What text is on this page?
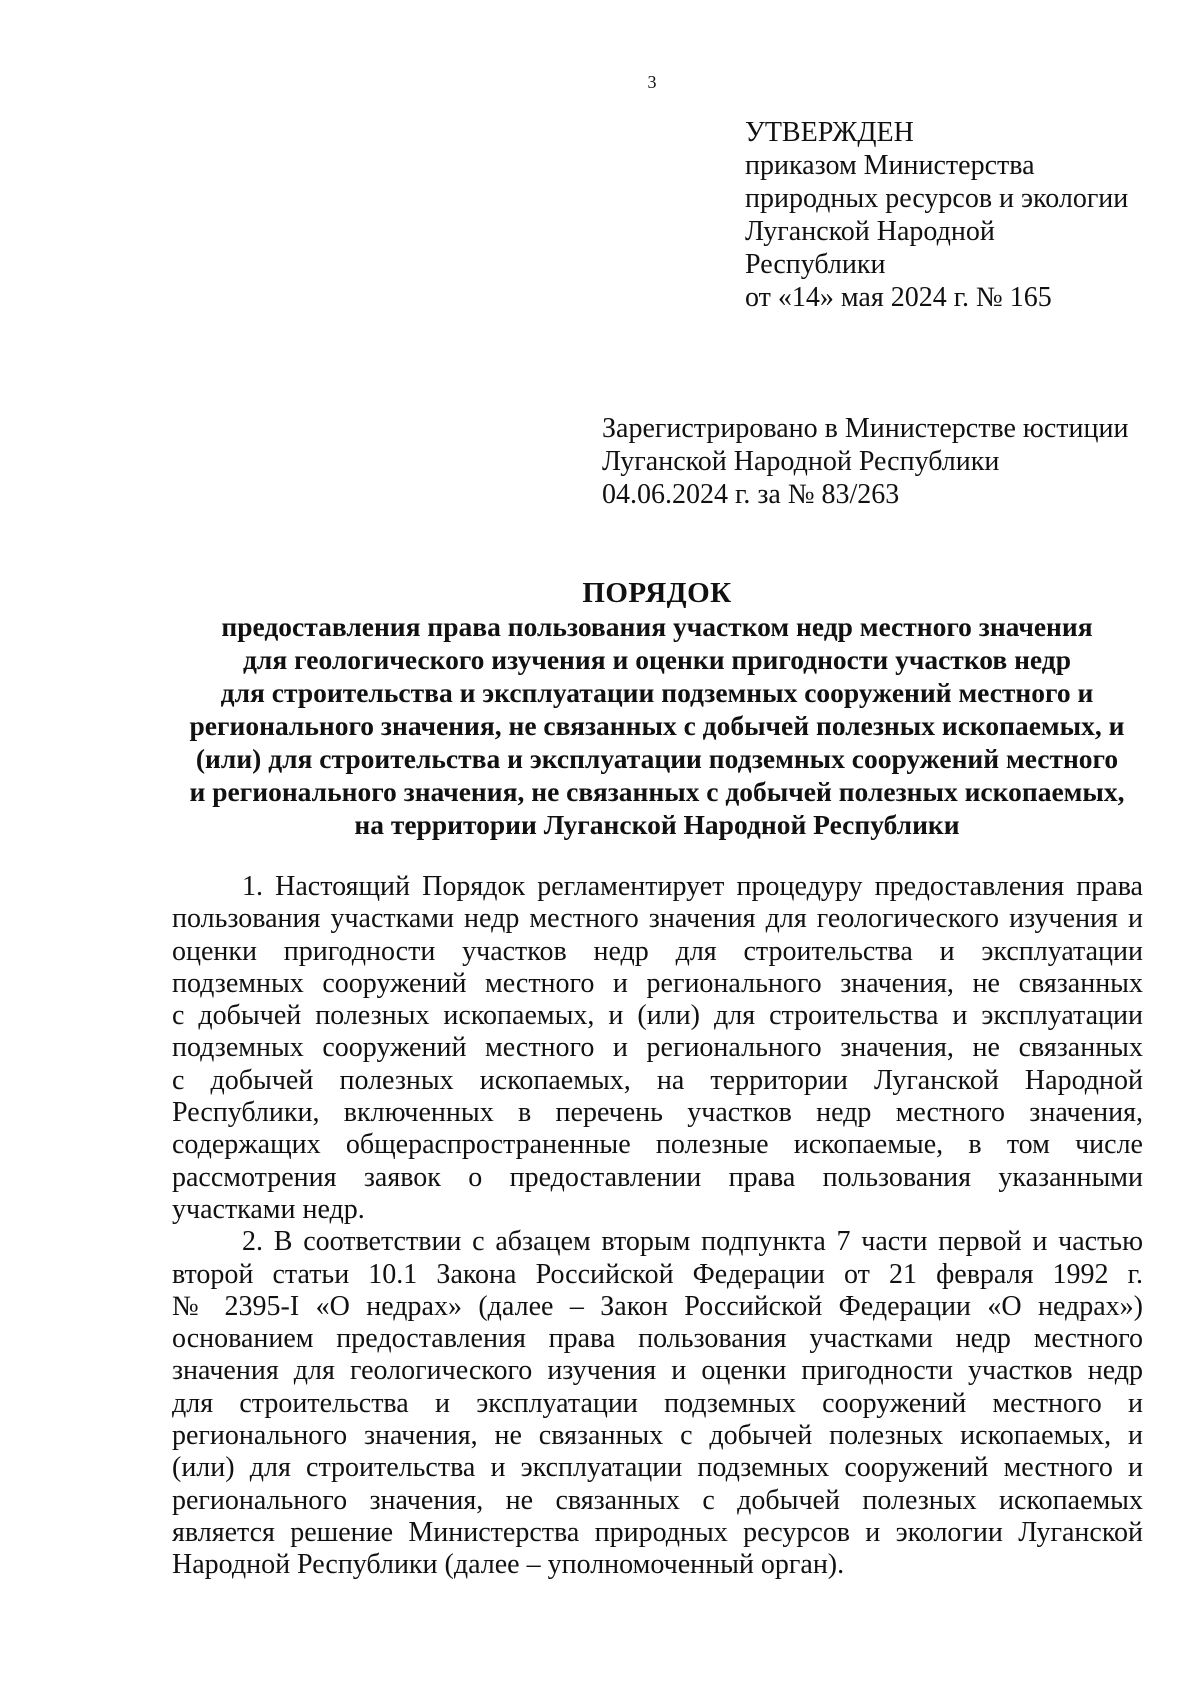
3
УТВЕРЖДЕН
приказом Министерства
природных ресурсов и экологии
Луганской Народной
Республики
от «14» мая 2024 г. № 165
Зарегистрировано в Министерстве юстиции
Луганской Народной Республики
04.06.2024 г. за № 83/263
ПОРЯДОК
предоставления права пользования участком недр местного значения
для геологического изучения и оценки пригодности участков недр
для строительства и эксплуатации подземных сооружений местного и
регионального значения, не связанных с добычей полезных ископаемых, и
(или) для строительства и эксплуатации подземных сооружений местного
и регионального значения, не связанных с добычей полезных ископаемых,
на территории Луганской Народной Республики
1. Настоящий Порядок регламентирует процедуру предоставления права
пользования участками недр местного значения для геологического изучения и
оценки пригодности участков недр для строительства и эксплуатации
подземных сооружений местного и регионального значения, не связанных
с добычей полезных ископаемых, и (или) для строительства и эксплуатации
подземных сооружений местного и регионального значения, не связанных
с добычей полезных ископаемых, на территории Луганской Народной
Республики, включенных в перечень участков недр местного значения,
содержащих общераспространенные полезные ископаемые, в том числе
рассмотрения заявок о предоставлении права пользования указанными
участками недр.
2. В соответствии с абзацем вторым подпункта 7 части первой и частью
второй статьи 10.1 Закона Российской Федерации от 21 февраля 1992 г.
№ 2395-I «О недрах» (далее – Закон Российской Федерации «О недрах»)
основанием предоставления права пользования участками недр местного
значения для геологического изучения и оценки пригодности участков недр
для строительства и эксплуатации подземных сооружений местного и
регионального значения, не связанных с добычей полезных ископаемых, и
(или) для строительства и эксплуатации подземных сооружений местного и
регионального значения, не связанных с добычей полезных ископаемых
является решение Министерства природных ресурсов и экологии Луганской
Народной Республики (далее – уполномоченный орган).
